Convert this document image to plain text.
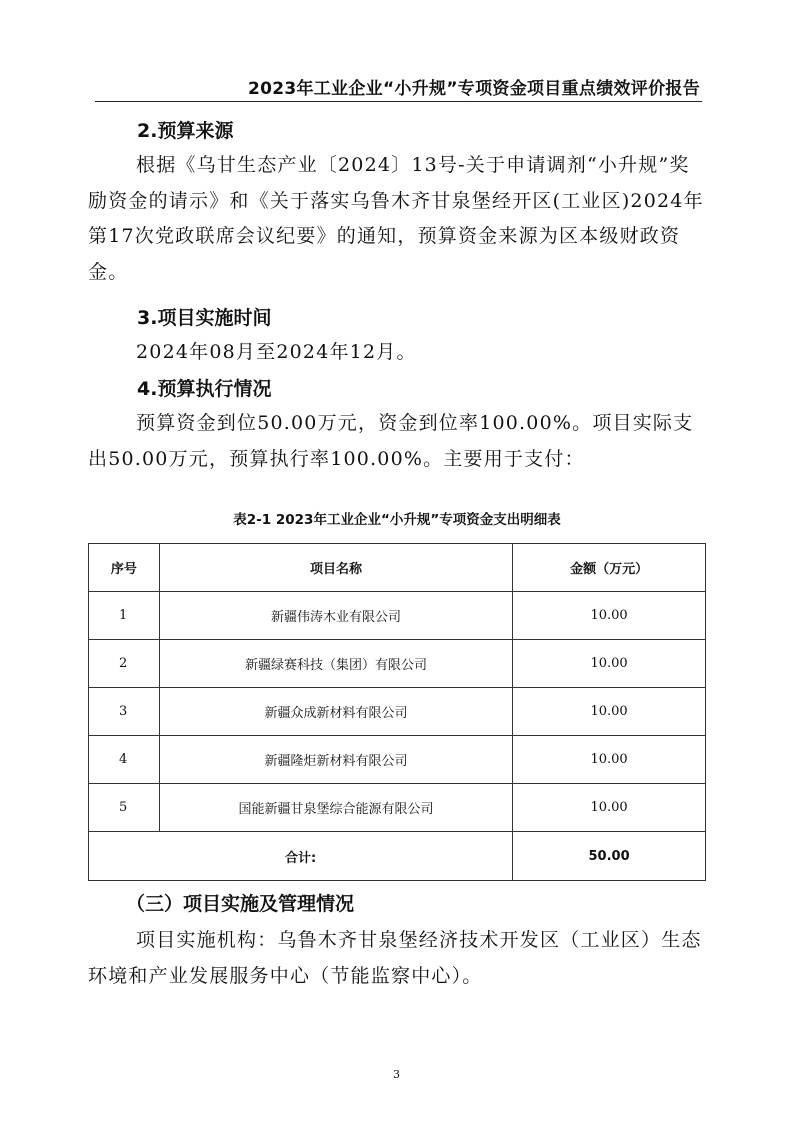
2023年工业企业“小升规”专项资金项目重点绩效评价报告
2.预算来源

根据《乌甘生态产业〔2024〕13号-关于申请调剂“小升规”奖励资金的请示》和《关于落实乌鲁木齐甘泉堡经开区(工业区)2024年第17次党政联席会议纪要》的通知，预算资金来源为区本级财政资金。

3.项目实施时间

2024年08月至2024年12月。

4.预算执行情况

预算资金到位50.00万元，资金到位率100.00%。项目实际支出50.00万元，预算执行率100.00%。主要用于支付：

表2-1 2023年工业企业“小升规”专项资金支出明细表
序号	项目名称	金额（万元）
1	新疆伟涛木业有限公司	10.00
2	新疆绿赛科技（集团）有限公司	10.00
3	新疆众成新材料有限公司	10.00
4	新疆隆炬新材料有限公司	10.00
5	国能新疆甘泉堡综合能源有限公司	10.00
合计:		50.00
（三）项目实施及管理情况

项目实施机构：乌鲁木齐甘泉堡经济技术开发区（工业区）生态环境和产业发展服务中心（节能监察中心）。

3
